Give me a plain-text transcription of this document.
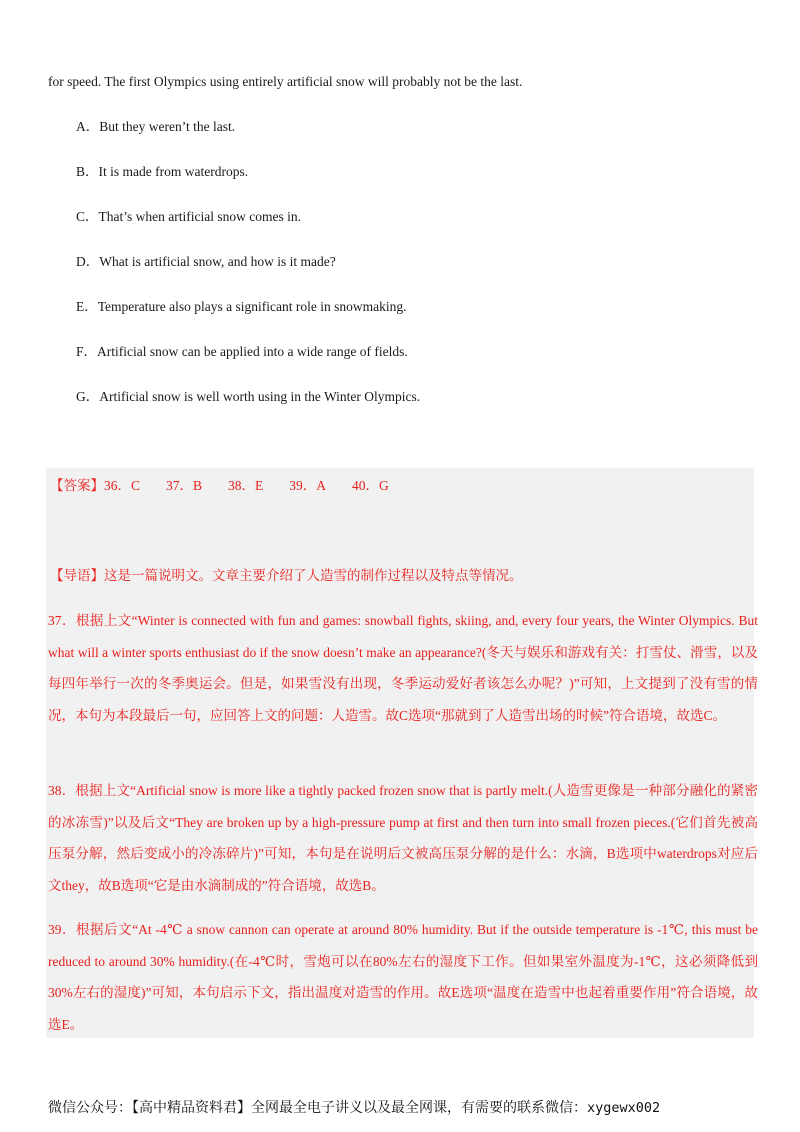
for speed. The first Olympics using entirely artificial snow will probably not be the last.
A．But they weren’t the last.
B．It is made from waterdrops.
C．That’s when artificial snow comes in.
D．What is artificial snow, and how is it made?
E．Temperature also plays a significant role in snowmaking.
F．Artificial snow can be applied into a wide range of fields.
G．Artificial snow is well worth using in the Winter Olympics.
【答案】36．C 37．B 38．E 39．A 40．G
【导语】这是一篇说明文。文章主要介绍了人造雪的制作过程以及特点等情况。
37．根据上文“Winter is connected with fun and games: snowball fights, skiing, and, every four years, the Winter Olympics. But what will a winter sports enthusiast do if the snow doesn’t make an appearance?(冬天与娱乐和游戏有关：打雪仗、滑雪，以及每四年举行一次的冬季奥运会。但是，如果雪没有出现，冬季运动爱好者该怎么办呢？)”可知，上文提到了没有雪的情况，本句为本段最后一句，应回答上文的问题：人造雪。故C选项“那就到了人造雪出场的时候”符合语境，故选C。
38．根据上文“Artificial snow is more like a tightly packed frozen snow that is partly melt.(人造雪更像是一种部分融化的紧密的冰冻雪)”以及后文“They are broken up by a high-pressure pump at first and then turn into small frozen pieces.(它们首先被高压泵分解，然后变成小的冷冻碎片)”可知，本句是在说明后文被高压泵分解的是什么：水滴，B选项中waterdrops对应后文they，故B选项“它是由水滴制成的”符合语境，故选B。
39．根据后文“At -4℃ a snow cannon can operate at around 80% humidity. But if the outside temperature is -1℃, this must be reduced to around 30% humidity.(在-4℃时，雪炮可以在80%左右的湿度下工作。但如果室外温度为-1℃，这必须降低到30%左右的湿度)”可知，本句启示下文，指出温度对造雪的作用。故E选项“温度在造雪中也起着重要作用”符合语境，故选E。
微信公众号：【高中精品资料君】全网最全电子讲义以及最全网课，有需要的联系微信：xygewx002
